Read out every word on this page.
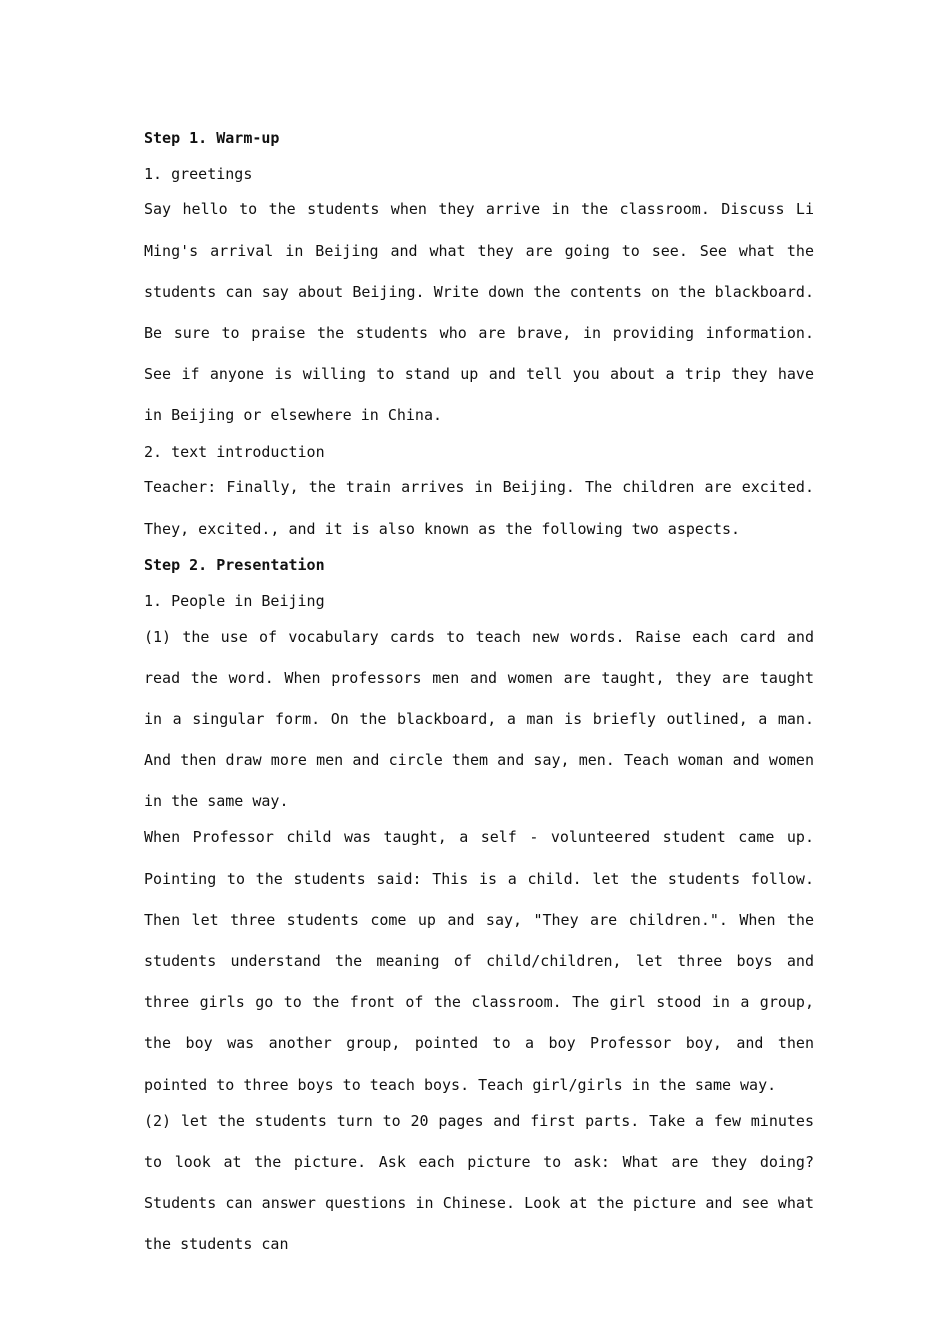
Step 1. Warm-up
1. greetings
Say hello to the students when they arrive in the classroom. Discuss Li Ming's arrival in Beijing and what they are going to see. See what the students can say about Beijing. Write down the contents on the blackboard. Be sure to praise the students who are brave, in providing information. See if anyone is willing to stand up and tell you about a trip they have in Beijing or elsewhere in China.
2. text introduction
Teacher: Finally, the train arrives in Beijing. The children are excited. They, excited., and it is also known as the following two aspects.
Step 2. Presentation
1. People in Beijing
(1) the use of vocabulary cards to teach new words. Raise each card and read the word. When professors men and women are taught, they are taught in a singular form. On the blackboard, a man is briefly outlined, a man. And then draw more men and circle them and say, men. Teach woman and women in the same way.
When Professor child was taught, a self - volunteered student came up. Pointing to the students said: This is a child. let the students follow. Then let three students come up and say, "They are children.". When the students understand the meaning of child/children, let three boys and three girls go to the front of the classroom. The girl stood in a group, the boy was another group, pointed to a boy Professor boy, and then pointed to three boys to teach boys. Teach girl/girls in the same way.
(2) let the students turn to 20 pages and first parts. Take a few minutes to look at the picture. Ask each picture to ask: What are they doing? Students can answer questions in Chinese. Look at the picture and see what the students can
